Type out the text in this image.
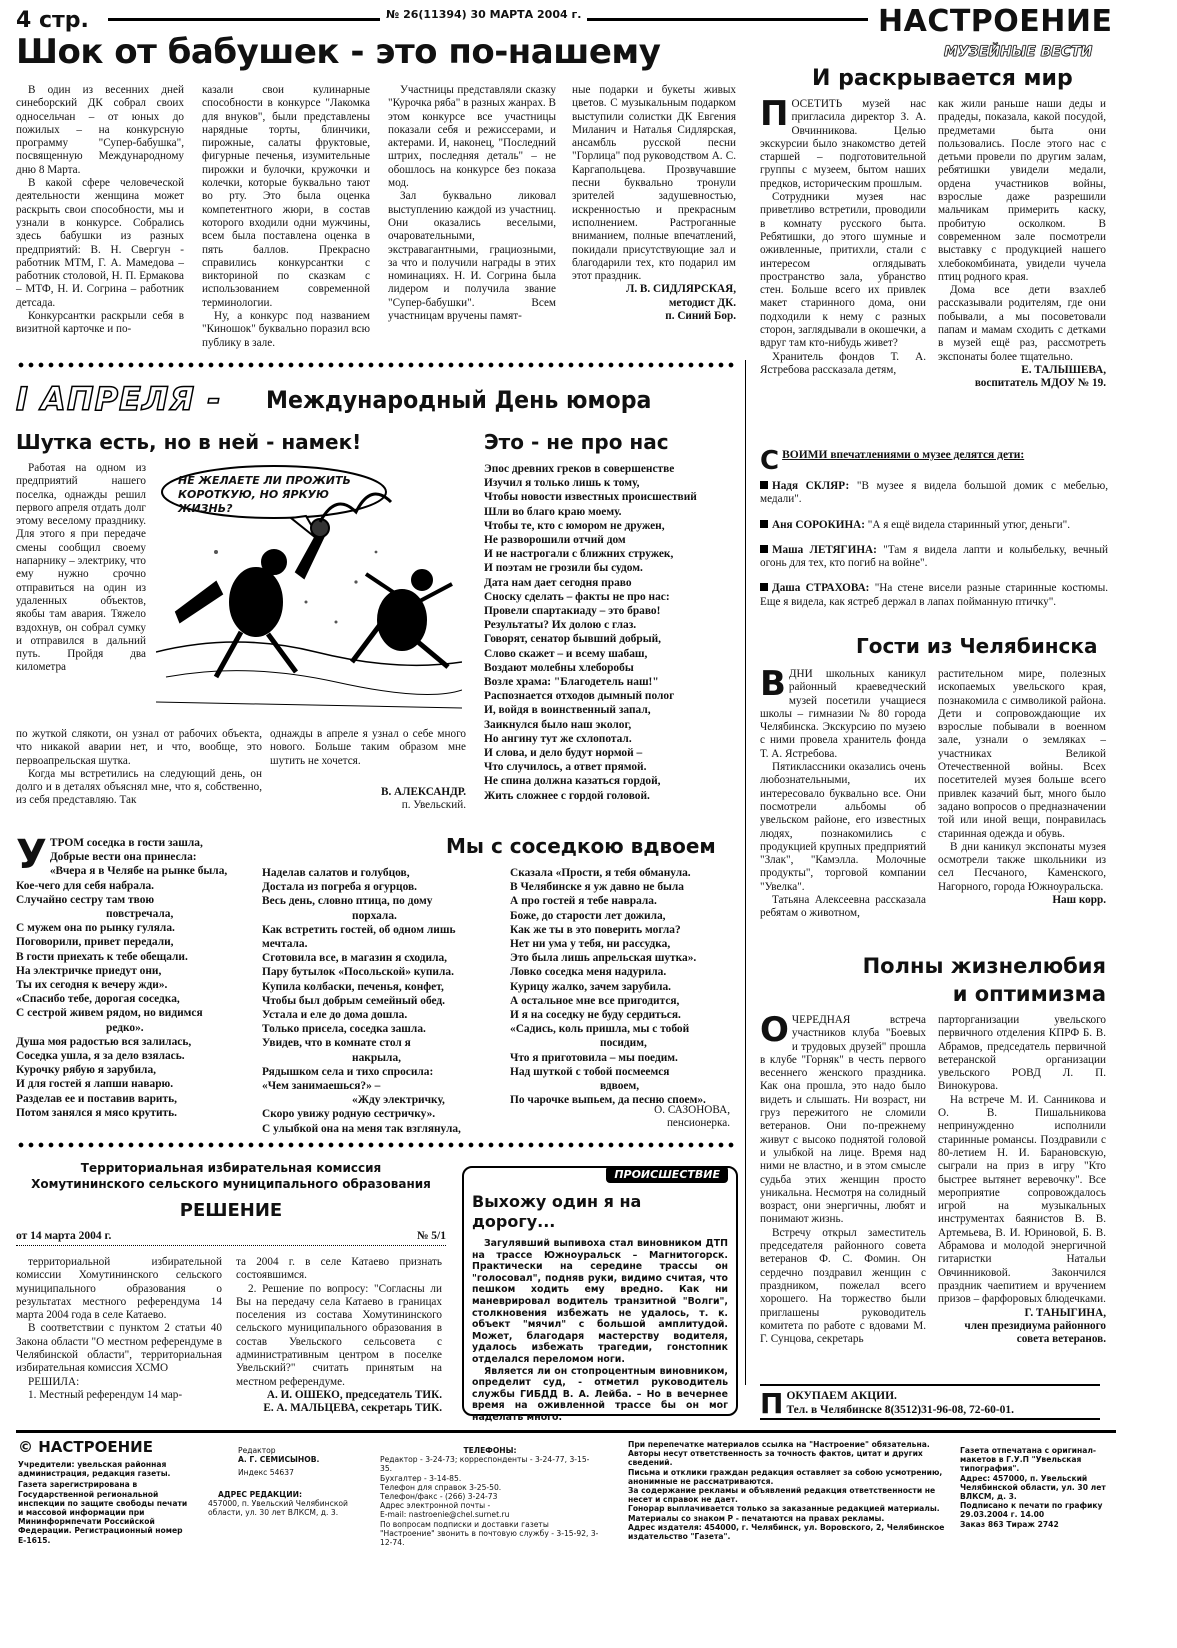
4 стр.	№ 26(11394) 30 МАРТА 2004 г.	НАСТРОЕНИЕ
МУЗЕЙНЫЕ ВЕСТИ
Шок от бабушек - это по-нашему

В один из весенних дней синеборский ДК собрал своих односельчан – от юных до пожилых – на конкурсную программу "Супер-бабушка", посвященную Международному дню 8 Марта.

В какой сфере человеческой деятельности женщина может раскрыть свои способности, мы и узнали в конкурсе. Собрались здесь бабушки из разных предприятий: В. Н. Свергун - работник МТМ, Г. А. Мамедова – работник столовой, Н. П. Ермакова – МТФ, Н. И. Согрина – работник детсада.

Конкурсантки раскрыли себя в визитной карточке и по-

казали свои кулинарные способности в конкурсе "Лакомка для внуков", были представлены нарядные торты, блинчики, пирожные, салаты фруктовые, фигурные печенья, изумительные пирожки и булочки, кружочки и колечки, которые буквально тают во рту. Это была оценка компетентного жюри, в состав которого входили одни мужчины, всем была поставлена оценка в пять баллов. Прекрасно справились конкурсантки с викториной по сказкам с использованием современной терминологии.

Ну, а конкурс под названием "Киношок" буквально поразил всю публику в зале.

Участницы представляли сказку "Курочка ряба" в разных жанрах. В этом конкурсе все участницы показали себя и режиссерами, и актерами. И, наконец, "Последний штрих, последняя деталь" – не обошлось на конкурсе без показа мод.

Зал буквально ликовал выступлению каждой из участниц. Они оказались веселыми, очаровательными, экстравагантными, грациозными, за что и получили награды в этих номинациях. Н. И. Согрина была лидером и получила звание "Супер-бабушки". Всем участницам вручены памят-

ные подарки и букеты живых цветов. С музыкальным подарком выступили солистки ДК Евгения Миланич и Наталья Сидлярская, ансамбль русской песни "Горлица" под руководством А. С. Каргапольцева. Прозвучавшие песни буквально тронули зрителей задушевностью, искренностью и прекрасным исполнением. Растроганные вниманием, полные впечатлений, покидали присутствующие зал и благодарили тех, кто подарил им этот праздник.

Л. В. СИДЛЯРСКАЯ,
методист ДК.
п. Синий Бор.
И раскрывается мир
П ОСЕТИТЬ музей нас пригласила директор З. А. Овчинникова. Целью экскурсии было знакомство детей старшей – подготовительной группы с музеем, бытом наших предков, историческим прошлым.

Сотрудники музея нас приветливо встретили, проводили в комнату русского быта. Ребятишки, до этого шумные и оживленные, притихли, стали с интересом оглядывать пространство зала, убранство стен. Больше всего их привлек макет старинного дома, они подходили к нему с разных сторон, заглядывали в окошечки, а вдруг там кто-нибудь живет?

Хранитель фондов Т. А. Ястребова рассказала детям,

как жили раньше наши деды и прадеды, показала, какой посудой, предметами быта они пользовались. После этого нас с детьми провели по другим залам, ребятишки увидели медали, ордена участников войны, взрослые даже разрешили мальчикам примерить каску, пробитую осколком. В современном зале посмотрели выставку с продукцией нашего хлебокомбината, увидели чучела птиц родного края.

Дома все дети взахлеб рассказывали родителям, где они побывали, а мы посоветовали папам и мамам сходить с детками в музей ещё раз, рассмотреть экспонаты более тщательно.

Е. ТАЛЫШЕВА,
воспитатель МДОУ № 19.
С ВОИМИ впечатлениями о музее делятся дети:
Надя СКЛЯР: "В музее я видела большой домик с мебелью, медали".
Аня СОРОКИНА: "А я ещё видела старинный утюг, деньги".
Маша ЛЕТЯГИНА: "Там я видела лапти и колыбельку, вечный огонь для тех, кто погиб на войне".
Даша СТРАХОВА: "На стене висели разные старинные костюмы. Еще я видела, как ястреб держал в лапах пойманную птичку".
Гости из Челябинска
В ДНИ школьных каникул районный краеведческий музей посетили учащиеся школы – гимназии № 80 города Челябинска. Экскурсию по музею с ними провела хранитель фонда Т. А. Ястребова.

Пятиклассники оказались очень любознательными, их интересовало буквально все. Они посмотрели альбомы об увельском районе, его известных людях, познакомились с продукцией крупных предприятий "Злак", "Камэлла. Молочные продукты", торговой компании "Увелка".

Татьяна Алексеевна рассказала ребятам о животном,

растительном мире, полезных ископаемых увельского края, познакомила с символикой района. Дети и сопровождающие их взрослые побывали в военном зале, узнали о земляках – участниках Великой Отечественной войны. Всех посетителей музея больше всего привлек казачий быт, много было задано вопросов о предназначении той или иной вещи, понравилась старинная одежда и обувь.

В дни каникул экспонаты музея осмотрели также школьники из сел Песчаного, Каменского, Нагорного, города Южноуральска.

Наш корр.
Полны жизнелюбия
и оптимизма
О ЧЕРЕДНАЯ встреча участников клуба "Боевых и трудовых друзей" прошла в клубе "Горняк" в честь первого весеннего женского праздника. Как она прошла, это надо было видеть и слышать. Ни возраст, ни груз пережитого не сломили ветеранов. Они по-прежнему живут с высоко поднятой головой и улыбкой на лице. Время над ними не властно, и в этом смысле судьба этих женщин просто уникальна. Несмотря на солидный возраст, они энергичны, любят и понимают жизнь.

Встречу открыл заместитель председателя районного совета ветеранов Ф. С. Фомин. Он сердечно поздравил женщин с праздником, пожелал всего хорошего. На торжество были приглашены руководитель комитета по работе с вдовами М. Г. Сунцова, секретарь

парторганизации увельского первичного отделения КПРФ Б. В. Абрамов, председатель первичной ветеранской организации увельского РОВД Л. П. Винокурова.

На встрече М. И. Санникова и О. В. Пишальникова непринужденно исполнили старинные романсы. Поздравили с 80-летием Н. И. Барановскую, сыграли на приз в игру "Кто быстрее вытянет веревочку". Все мероприятие сопровождалось игрой на музыкальных инструментах баянистов В. В. Артемьева, В. И. Юриновой, Б. В. Абрамова и молодой энергичной гитаристки Натальи Овчинниковой. Закончился праздник чаепитием и вручением призов – фарфоровых блюдечками.

Г. ТАНЫГИНА,
член президиума районного совета ветеранов.
П ОКУПАЕМ АКЦИИ.
Тел. в Челябинске 8(3512)31-96-08, 72-60-01.
I АПРЕЛЯ - Международный День юмора
Шутка есть, но в ней - намек!

Работая на одном из предприятий нашего поселка, однажды решил первого апреля отдать долг этому веселому празднику. Для этого я при передаче смены сообщил своему напарнику – электрику, что ему нужно срочно отправиться на один из удаленных объектов, якобы там авария. Тяжело вздохнув, он собрал сумку и отправился в дальний путь. Пройдя два километра

НЕ ЖЕЛАЕТЕ ЛИ ПРОЖИТЬ КОРОТКУЮ, НО ЯРКУЮ ЖИЗНЬ?

по жуткой слякоти, он узнал от рабочих объекта, что никакой аварии нет, и что, вообще, это первоапрельская шутка.

Когда мы встретились на следующий день, он долго и в деталях объяснял мне, что я, собственно, из себя представляю. Так

однажды в апреле я узнал о себе много нового. Больше таким образом мне шутить не хочется.

В. АЛЕКСАНДР.
п. Увельский.
Это - не про нас
Эпос древних греков в совершенстве
Изучил я только лишь к тому,
Чтобы новости известных происшествий
Шли во благо краю моему.
Чтобы те, кто с юмором не дружен,
Не разворошили отчий дом
И не настрогали с ближних стружек,
И поэтам не грозили бы судом.
Дата нам дает сегодня право
Сноску сделать – факты не про нас:
Провели спартакиаду – это браво!
Результаты? Их долою с глаз.
Говорят, сенатор бывший добрый,
Слово скажет – и всему шабаш,
Воздают молебны хлеборобы
Возле храма: "Благодетель наш!"
Распознается отходов дымный полог
И, войдя в воинственный запал,
Заикнулся было наш эколог,
Но ангину тут же схлопотал.
И слова, и дело будут нормой –
Что случилось, а ответ прямой.
Не спина должна казаться гордой,
Жить сложнее с гордой головой.
Мы с соседкою вдвоем
У ТРОМ соседка в гости зашла,
Добрые вести она принесла:
«Вчера я в Челябе на рынке была,
Кое-чего для себя набрала.
Случайно сестру там твою
повстречала,
С мужем она по рынку гуляла.
Поговорили, привет передали,
В гости приехать к тебе обещали.
На электричке приедут они,
Ты их сегодня к вечеру жди».
«Спасибо тебе, дорогая соседка,
С сестрой живем рядом, но видимся
редко».
Душа моя радостью вся залилась,
Соседка ушла, я за дело взялась.
Курочку рябую я зарубила,
И для гостей я лапши наварю.
Разделав ее и поставив варить,
Потом занялся я мясо крутить.
Наделав салатов и голубцов,
Достала из погреба я огурцов.
Весь день, словно птица, по дому
порхала.
Как встретить гостей, об одном лишь
мечтала.
Сготовила все, в магазин я сходила,
Пару бутылок «Посольской» купила.
Купила колбаски, печенья, конфет,
Чтобы был добрым семейный обед.
Устала и еле до дома дошла.
Только присела, соседка зашла.
Увидев, что в комнате стол я
накрыла,
Рядышком села и тихо спросила:
«Чем занимаешься?» –
«Жду электричку,
Скоро увижу родную сестричку».
С улыбкой она на меня так взглянула,
Сказала «Прости, я тебя обманула.
В Челябинске я уж давно не была
А про гостей я тебе наврала.
Боже, до старости лет дожила,
Как же ты в это поверить могла?
Нет ни ума у тебя, ни рассудка,
Это была лишь апрельская шутка».
Ловко соседка меня надурила.
Курицу жалко, зачем зарубила.
А остальное мне все пригодится,
И я на соседку не буду сердиться.
«Садись, коль пришла, мы с тобой
посидим,
Что я приготовила – мы поедим.
Над шуткой с тобой посмеемся
вдвоем,
По чарочке выпьем, да песню споем».
О. САЗОНОВА,
пенсионерка.
Территориальная избирательная комиссия
Хомутининского сельского муниципального образования
РЕШЕНИЕ
от 14 марта 2004 г.	№ 5/1

территориальной избирательной комиссии Хомутининского сельского муниципального образования о результатах местного референдума 14 марта 2004 года в селе Катаево.

В соответствии с пунктом 2 статьи 40 Закона области "О местном референдуме в Челябинской области", территориальная избирательная комиссия ХСМО

РЕШИЛА:

1. Местный референдум 14 мар-

та 2004 г. в селе Катаево признать состоявшимся.

2. Решение по вопросу: "Согласны ли Вы на передачу села Катаево в границах поселения из состава Хомутининского сельского муниципального образования в состав Увельского сельсовета с административным центром в поселке Увельский?" считать принятым на местном референдуме.

А. И. ОШЕКО, председатель ТИК.
Е. А. МАЛЬЦЕВА, секретарь ТИК.
ПРОИСШЕСТВИЕ
Выхожу один я на дорогу...

Загулявший выпивоха стал виновником ДТП на трассе Южноуральск – Магнитогорск. Практически на середине трассы он "голосовал", подняв руки, видимо считая, что пешком ходить ему вредно. Как ни маневрировал водитель транзитной "Волги", столкновения избежать не удалось, т. к. объект "мячил" с большой амплитудой. Может, благодаря мастерству водителя, удалось избежать трагедии, гонстопник отделался переломом ноги.

Является ли он стопроцентным виновником, определит суд, - отметил руководитель службы ГИБДД В. А. Лейба. – Но в вечернее время на оживленной трассе бы он мог наделать много.

© НАСТРОЕНИЕ
Учредители: увельская районная администрация, редакция газеты.
Газета зарегистрирована в Государственной региональной инспекции по защите свободы печати и массовой информации при Мининформпечати Российской Федерации. Регистрационный номер Е-1615.
Редактор
А. Г. СЕМИСЫНОВ.
Индекс 54637
АДРЕС РЕДАКЦИИ:
457000, п. Увельский Челябинской области, ул. 30 лет ВЛКСМ, д. 3.
ТЕЛЕФОНЫ:
Редактор - 3-24-73; корреспонденты - 3-24-77, 3-15-35.
Бухгалтер - 3-14-85.
Телефон для справок 3-25-50.
Телефон/факс - (266) 3-24-73
Адрес электронной почты -
E-mail: nastroenie@chel.surnet.ru
По вопросам подписки и доставки газеты "Настроение" звонить в почтовую службу - 3-15-92, 3-12-74.
При перепечатке материалов ссылка на "Настроение" обязательна.
Авторы несут ответственность за точность фактов, цитат и других сведений.
Письма и отклики граждан редакция оставляет за собою усмотрению, анонимные не рассматриваются.
За содержание рекламы и объявлений редакция ответственности не несет и справок не дает.
Гонорар выплачивается только за заказанные редакцией материалы.
Материалы со знаком Р - печатаются на правах рекламы.
Адрес издателя: 454000, г. Челябинск, ул. Воровского, 2, Челябинское издательство "Газета".
Газета отпечатана с оригинал-макетов в Г.У.П "Увельская типография".
Адрес: 457000, п. Увельский Челябинской области, ул. 30 лет ВЛКСМ, д. 3.
Подписано к печати по графику 29.03.2004 г. 14.00
Заказ 863 Тираж 2742
